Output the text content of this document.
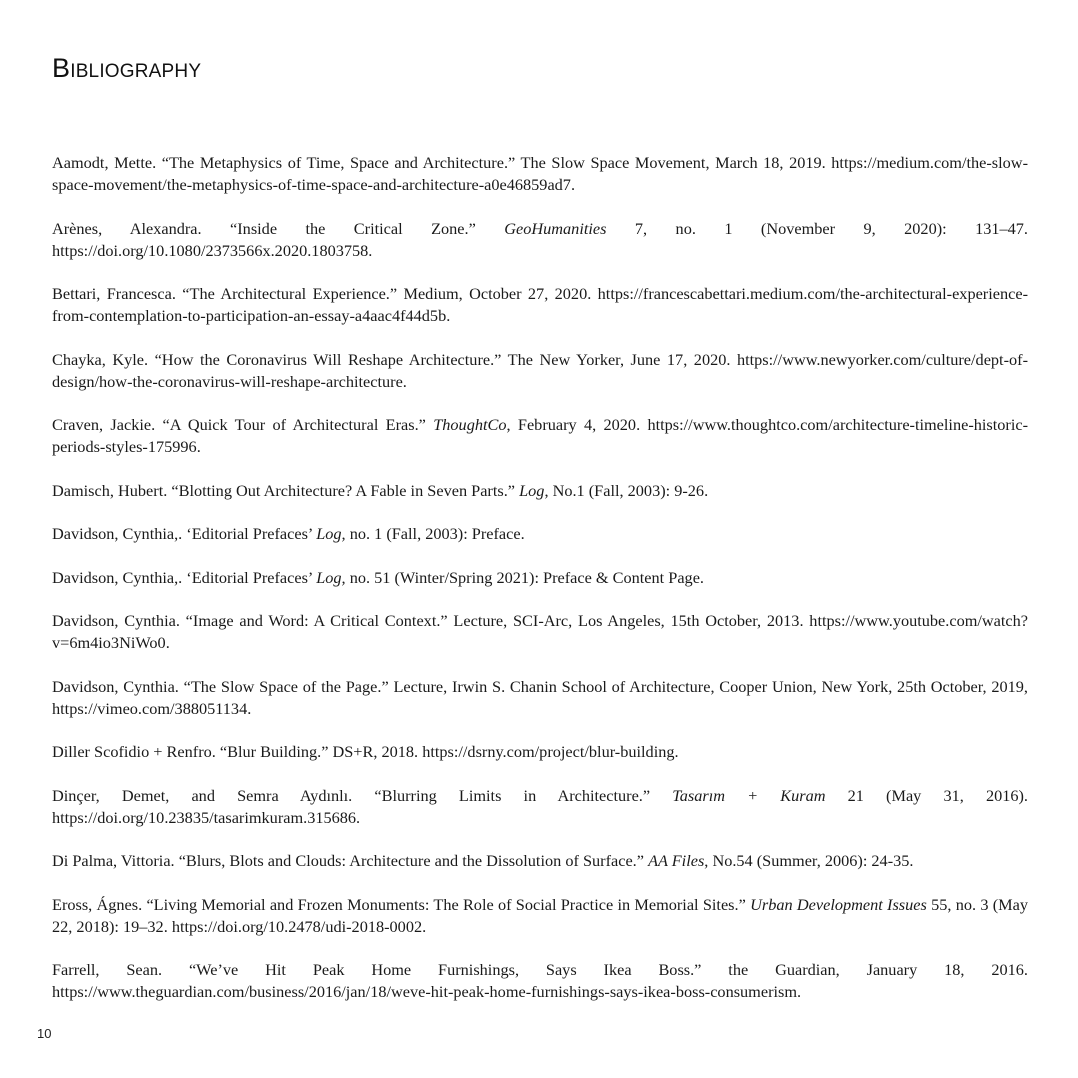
Bibliography
Aamodt, Mette. “The Metaphysics of Time, Space and Architecture.” The Slow Space Movement, March 18, 2019. https://medium.com/the-slow-space-movement/the-metaphysics-of-time-space-and-architecture-a0e46859ad7.
Arènes, Alexandra. “Inside the Critical Zone.” GeoHumanities 7, no. 1 (November 9, 2020): 131–47. https://doi.org/10.1080/2373566x.2020.1803758.
Bettari, Francesca. “The Architectural Experience.” Medium, October 27, 2020. https://francescabettari.medium.com/the-architectural-experience-from-contemplation-to-participation-an-essay-a4aac4f44d5b.
Chayka, Kyle. “How the Coronavirus Will Reshape Architecture.” The New Yorker, June 17, 2020. https://www.newyorker.com/culture/dept-of-design/how-the-coronavirus-will-reshape-architecture.
Craven, Jackie. “A Quick Tour of Architectural Eras.” ThoughtCo, February 4, 2020. https://www.thoughtco.com/architecture-timeline-historic-periods-styles-175996.
Damisch, Hubert. “Blotting Out Architecture? A Fable in Seven Parts.” Log, No.1 (Fall, 2003): 9-26.
Davidson, Cynthia,. ‘Editorial Prefaces’ Log, no. 1 (Fall, 2003): Preface.
Davidson, Cynthia,. ‘Editorial Prefaces’ Log, no. 51 (Winter/Spring 2021): Preface & Content Page.
Davidson, Cynthia. “Image and Word: A Critical Context.” Lecture, SCI-Arc, Los Angeles, 15th October, 2013. https://www.youtube.com/watch?v=6m4io3NiWo0.
Davidson, Cynthia. “The Slow Space of the Page.” Lecture, Irwin S. Chanin School of Architecture, Cooper Union, New York, 25th October, 2019, https://vimeo.com/388051134.
Diller Scofidio + Renfro. “Blur Building.” DS+R, 2018. https://dsrny.com/project/blur-building.
Dinçer, Demet, and Semra Aydınlı. “Blurring Limits in Architecture.” Tasarım + Kuram 21 (May 31, 2016). https://doi.org/10.23835/tasarimkuram.315686.
Di Palma, Vittoria. “Blurs, Blots and Clouds: Architecture and the Dissolution of Surface.” AA Files, No.54 (Summer, 2006): 24-35.
Eross, Ágnes. “Living Memorial and Frozen Monuments: The Role of Social Practice in Memorial Sites.” Urban Development Issues 55, no. 3 (May 22, 2018): 19–32. https://doi.org/10.2478/udi-2018-0002.
Farrell, Sean. “We’ve Hit Peak Home Furnishings, Says Ikea Boss.” the Guardian, January 18, 2016. https://www.theguardian.com/business/2016/jan/18/weve-hit-peak-home-furnishings-says-ikea-boss-consumerism.
10
